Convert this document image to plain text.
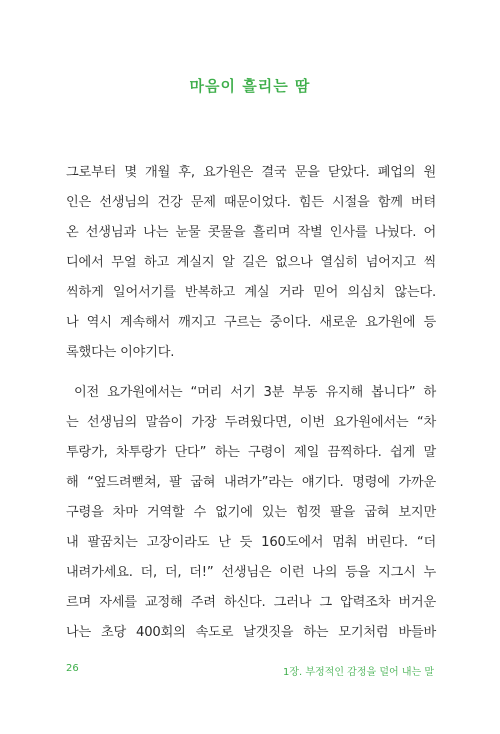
마음이 흘리는 땀
그로부터 몇 개월 후, 요가원은 결국 문을 닫았다. 폐업의 원
인은 선생님의 건강 문제 때문이었다. 힘든 시절을 함께 버텨
온 선생님과 나는 눈물 콧물을 흘리며 작별 인사를 나눴다. 어
디에서 무얼 하고 계실지 알 길은 없으나 열심히 넘어지고 씩
씩하게 일어서기를 반복하고 계실 거라 믿어 의심치 않는다.
나 역시 계속해서 깨지고 구르는 중이다. 새로운 요가원에 등
록했다는 이야기다.
이전 요가원에서는 “머리 서기 3분 부동 유지해 봅니다” 하
는 선생님의 말씀이 가장 두려웠다면, 이번 요가원에서는 “차
투랑가, 차투랑가 단다” 하는 구령이 제일 끔찍하다. 쉽게 말
해 “엎드려뻗쳐, 팔 굽혀 내려가”라는 얘기다. 명령에 가까운
구령을 차마 거역할 수 없기에 있는 힘껏 팔을 굽혀 보지만
내 팔꿈치는 고장이라도 난 듯 160도에서 멈춰 버린다. “더
내려가세요. 더, 더, 더!” 선생님은 이런 나의 등을 지그시 누
르며 자세를 교정해 주려 하신다. 그러나 그 압력조차 버거운
나는 초당 400회의 속도로 날갯짓을 하는 모기처럼 바들바
26	1장. 부정적인 감정을 덜어 내는 말
